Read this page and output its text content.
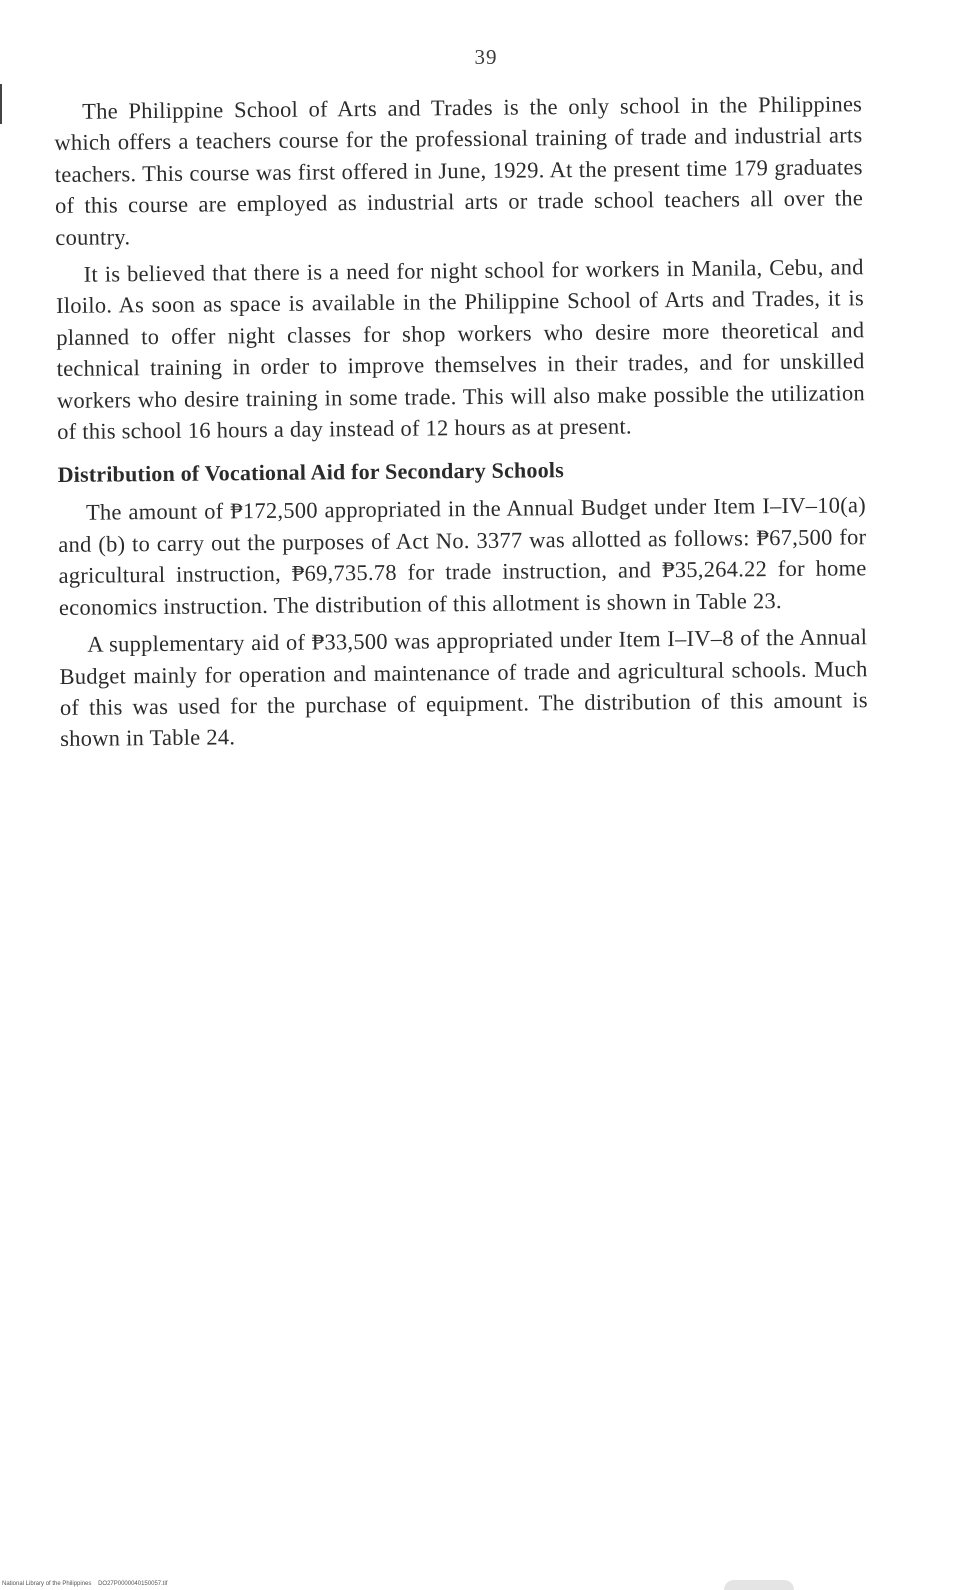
39

The Philippine School of Arts and Trades is the only school in the Philippines which offers a teachers course for the professional training of trade and industrial arts teachers. This course was first offered in June, 1929. At the present time 179 graduates of this course are employed as industrial arts or trade school teachers all over the country.

It is believed that there is a need for night school for workers in Manila, Cebu, and Iloilo. As soon as space is available in the Philippine School of Arts and Trades, it is planned to offer night classes for shop workers who desire more theoretical and technical training in order to improve themselves in their trades, and for unskilled workers who desire training in some trade. This will also make possible the utilization of this school 16 hours a day instead of 12 hours as at present.

Distribution of Vocational Aid for Secondary Schools

The amount of ₱172,500 appropriated in the Annual Budget under Item I–IV–10(a) and (b) to carry out the purposes of Act No. 3377 was allotted as follows: ₱67,500 for agricultural instruction, ₱69,735.78 for trade instruction, and ₱35,264.22 for home economics instruction. The distribution of this allotment is shown in Table 23.

A supplementary aid of ₱33,500 was appropriated under Item I–IV–8 of the Annual Budget mainly for operation and maintenance of trade and agricultural schools. Much of this was used for the purchase of equipment. The distribution of this amount is shown in Table 24.

National Library of the Philippines DO27P0000040150057.tif
